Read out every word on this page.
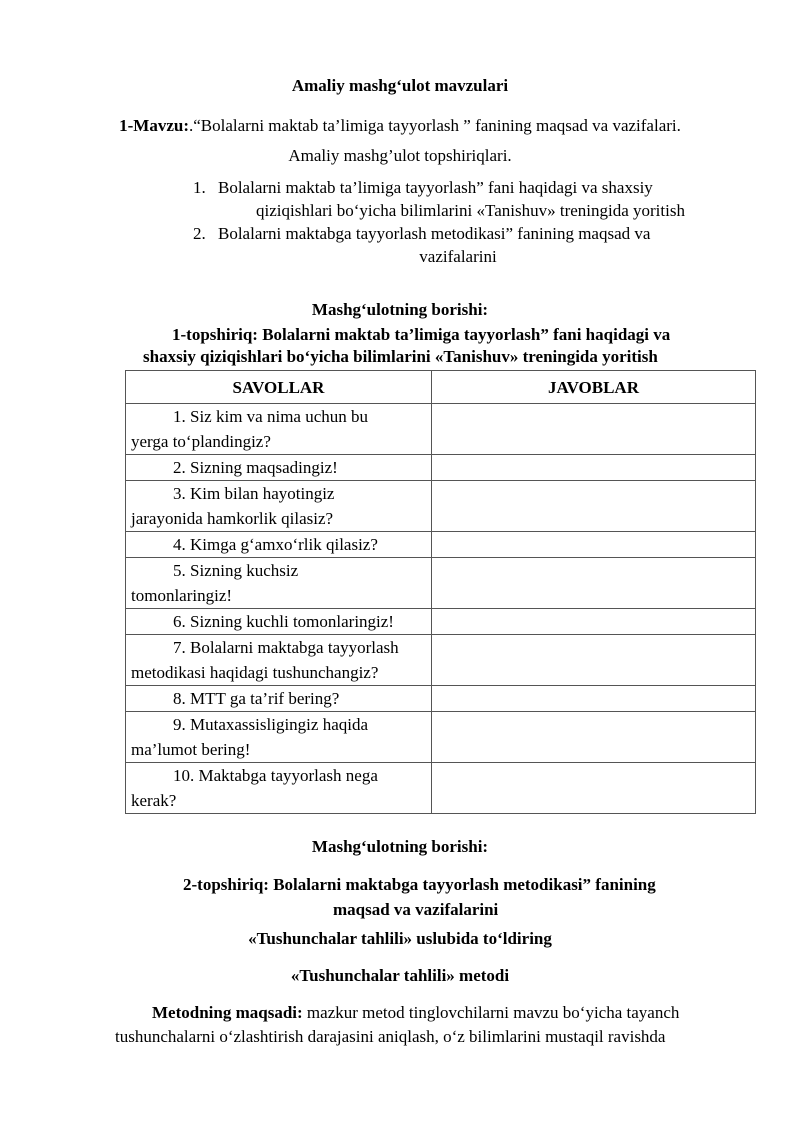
Amaliy mashg‘ulot mavzulari
1-Mavzu:.“Bolalarni maktab ta’limiga tayyorlash ” fanining maqsad va vazifalari.
Amaliy mashg’ulot topshiriqlari.
1. Bolalarni maktab ta’limiga tayyorlash” fani haqidagi va shaxsiy
qiziqishlari bo‘yicha bilimlarini «Tanishuv» treningida yoritish
2. Bolalarni maktabga tayyorlash metodikasi” fanining maqsad va
vazifalarini
Mashg‘ulotning borishi:
1-topshiriq: Bolalarni maktab ta’limiga tayyorlash” fani haqidagi va
shaxsiy qiziqishlari bo‘yicha bilimlarini «Tanishuv» treningida yoritish
SAVOLLAR	JAVOBLAR
1. Siz kim va nima uchun bu
yerga to‘plandingiz?	
2. Sizning maqsadingiz!	
3. Kim bilan hayotingiz
jarayonida hamkorlik qilasiz?	
4. Kimga g‘amxo‘rlik qilasiz?	
5. Sizning kuchsiz
tomonlaringiz!	
6. Sizning kuchli tomonlaringiz!	
7. Bolalarni maktabga tayyorlash
metodikasi haqidagi tushunchangiz?	
8. MTT ga ta’rif bering?	
9. Mutaxassisligingiz haqida
ma’lumot bering!	
10. Maktabga tayyorlash nega
kerak?	
Mashg‘ulotning borishi:
2-topshiriq: Bolalarni maktabga tayyorlash metodikasi” fanining
maqsad va vazifalarini
«Tushunchalar tahlili» uslubida to‘ldiring
«Tushunchalar tahlili» metodi
Metodning maqsadi: mazkur metod tinglovchilarni mavzu bo‘yicha tayanch
tushunchalarni o‘zlashtirish darajasini aniqlash, o‘z bilimlarini mustaqil ravishda
